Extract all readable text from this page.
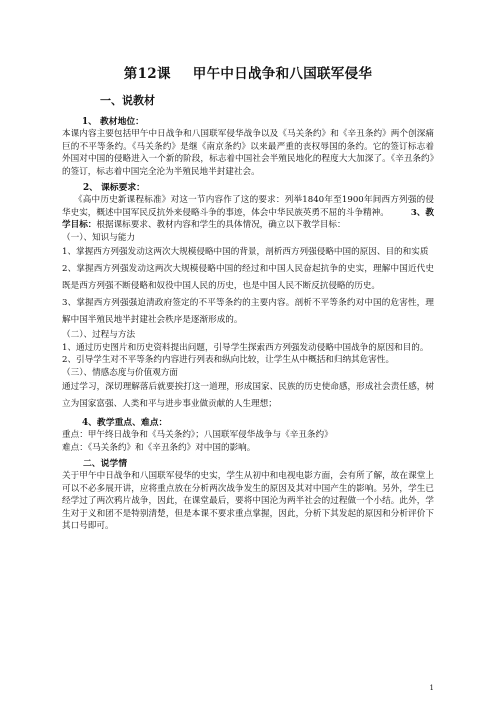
第12课 甲午中日战争和八国联军侵华
一、说教材
1、 教材地位：

本课内容主要包括甲午中日战争和八国联军侵华战争以及《马关条约》和《辛丑条约》两个创深痛巨的不平等条约。《马关条约》是继《南京条约》以来最严重的丧权辱国的条约。它的签订标志着外国对中国的侵略进入一个新的阶段，标志着中国社会半殖民地化的程度大大加深了。《辛丑条约》的签订，标志着中国完全沦为半殖民地半封建社会。

2、 课标要求：

《高中历史新课程标准》对这一节内容作了这的要求：列举1840年至1900年间西方列强的侵华史实，概述中国军民反抗外来侵略斗争的事迹，体会中华民族英勇不屈的斗争精神。	3、教学目标：根据课标要求、教材内容和学生的具体情况，确立以下教学目标：

（一）、知识与能力

1、掌握西方列强发动这两次大规模侵略中国的背景，剖析西方列强侵略中国的原因、目的和实质

2、掌握西方列强发动这两次大规模侵略中国的经过和中国人民奋起抗争的史实，理解中国近代史既是西方列强不断侵略和奴役中国人民的历史，也是中国人民不断反抗侵略的历史。

3、掌握西方列强强迫清政府签定的不平等条约的主要内容。剖析不平等条约对中国的危害性，理解中国半殖民地半封建社会秩序是逐渐形成的。

（二）、过程与方法

1、通过历史图片和历史资料提出问题，引导学生探索西方列强发动侵略中国战争的原因和目的。

2、引导学生对不平等条约内容进行列表和纵向比较，让学生从中概括和归纳其危害性。

（三）、情感态度与价值观方面

通过学习，深切理解落后就要挨打这一道理，形成国家、民族的历史使命感，形成社会责任感，树立为国家富强、人类和平与进步事业做贡献的人生理想；

4、教学重点、难点：

重点：甲午终日战争和《马关条约》；八国联军侵华战争与《辛丑条约》

难点：《马关条约》和《辛丑条约》对中国的影响。

二、说学情

关于甲午中日战争和八国联军侵华的史实，学生从初中和电视电影方面，会有所了解，故在课堂上可以不必多展开讲，应将重点放在分析两次战争发生的原因及其对中国产生的影响。另外，学生已经学过了两次鸦片战争，因此，在课堂最后，要将中国沦为两半社会的过程做一个小结。此外，学生对于义和团不是特别清楚，但是本课不要求重点掌握，因此，分析下其发起的原因和分析评价下其口号即可。

1
